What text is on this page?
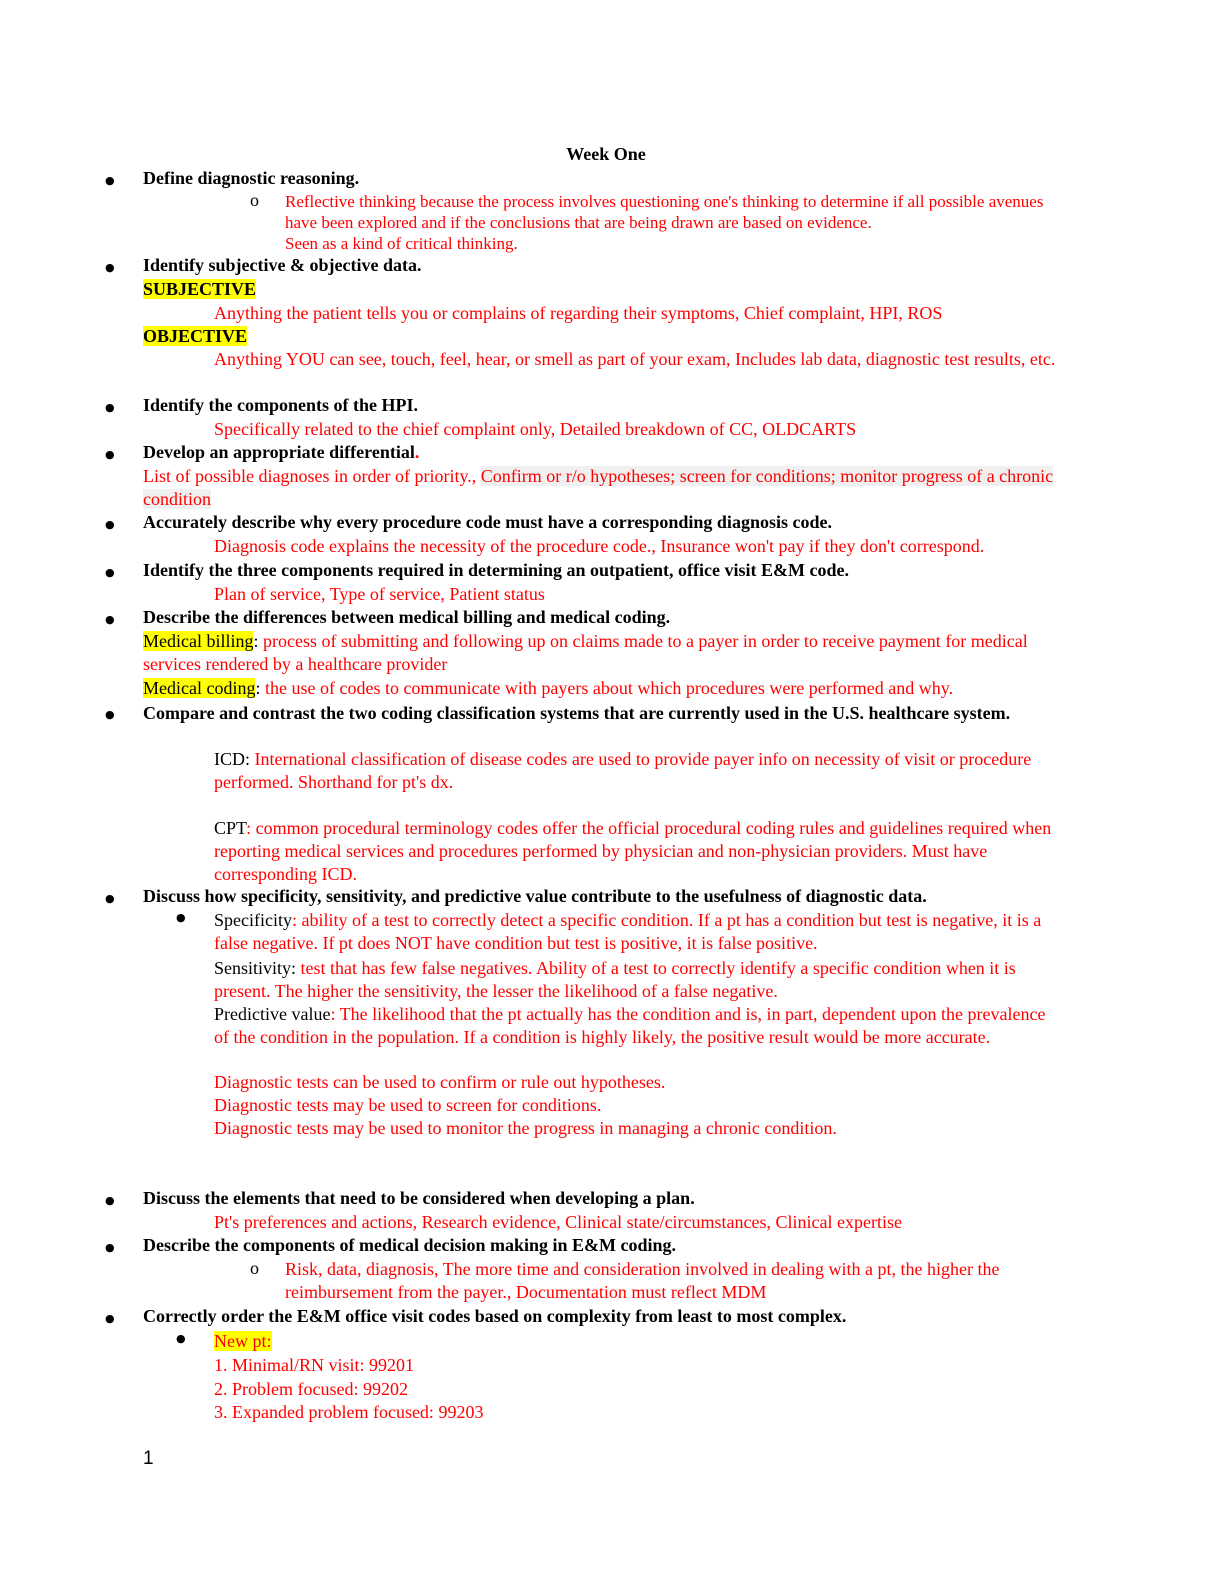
Week One
●
Define diagnostic reasoning.
o Reflective thinking because the process involves questioning one's thinking to determine if all possible avenues have been explored and if the conclusions that are being drawn are based on evidence.
Seen as a kind of critical thinking.
●
Identify subjective & objective data.
SUBJECTIVE
Anything the patient tells you or complains of regarding their symptoms, Chief complaint, HPI, ROS
OBJECTIVE
Anything YOU can see, touch, feel, hear, or smell as part of your exam, Includes lab data, diagnostic test results, etc.
●
Identify the components of the HPI.
Specifically related to the chief complaint only, Detailed breakdown of CC, OLDCARTS
●
Develop an appropriate differential.
List of possible diagnoses in order of priority., Confirm or r/o hypotheses; screen for conditions; monitor progress of a chronic condition
●
Accurately describe why every procedure code must have a corresponding diagnosis code.
Diagnosis code explains the necessity of the procedure code., Insurance won't pay if they don't correspond.
●
Identify the three components required in determining an outpatient, office visit E&M code.
Plan of service, Type of service, Patient status
●
Describe the differences between medical billing and medical coding.
Medical billing: process of submitting and following up on claims made to a payer in order to receive payment for medical services rendered by a healthcare provider
Medical coding: the use of codes to communicate with payers about which procedures were performed and why.
●
Compare and contrast the two coding classification systems that are currently used in the U.S. healthcare system.
ICD: International classification of disease codes are used to provide payer info on necessity of visit or procedure performed. Shorthand for pt's dx.
CPT: common procedural terminology codes offer the official procedural coding rules and guidelines required when reporting medical services and procedures performed by physician and non-physician providers. Must have corresponding ICD.
●
Discuss how specificity, sensitivity, and predictive value contribute to the usefulness of diagnostic data.
● Specificity: ability of a test to correctly detect a specific condition. If a pt has a condition but test is negative, it is a false negative. If pt does NOT have condition but test is positive, it is false positive.
Sensitivity: test that has few false negatives. Ability of a test to correctly identify a specific condition when it is present. The higher the sensitivity, the lesser the likelihood of a false negative.
Predictive value: The likelihood that the pt actually has the condition and is, in part, dependent upon the prevalence of the condition in the population. If a condition is highly likely, the positive result would be more accurate.
Diagnostic tests can be used to confirm or rule out hypotheses.
Diagnostic tests may be used to screen for conditions.
Diagnostic tests may be used to monitor the progress in managing a chronic condition.
●
Discuss the elements that need to be considered when developing a plan.
Pt's preferences and actions, Research evidence, Clinical state/circumstances, Clinical expertise
●
Describe the components of medical decision making in E&M coding.
o Risk, data, diagnosis, The more time and consideration involved in dealing with a pt, the higher the reimbursement from the payer., Documentation must reflect MDM
●
Correctly order the E&M office visit codes based on complexity from least to most complex.
● New pt:
1. Minimal/RN visit: 99201
2. Problem focused: 99202
3. Expanded problem focused: 99203
1
